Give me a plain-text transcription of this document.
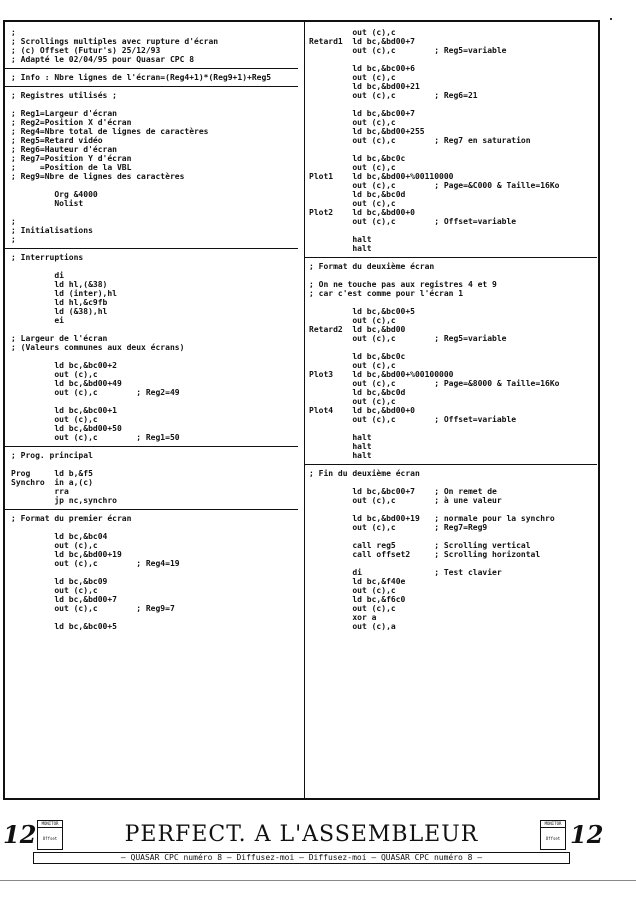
;
; Scrollings multiples avec rupture d'écran
; (c) Offset (Futur's) 25/12/93
; Adapté le 02/04/95 pour Quasar CPC 8
; Info : Nbre lignes de l'écran=(Reg4+1)*(Reg9+1)+Reg5
; Registres utilisés ;
; Reg1=Largeur d'écran
; Reg2=Position X d'écran
; Reg4=Nbre total de lignes de caractères
; Reg5=Retard vidéo
; Reg6=Hauteur d'écran
; Reg7=Position Y d'écran
;     =Position de la VBL
; Reg9=Nbre de lignes des caractères
Org &4000
Nolist
;
; Initialisations
;
; Interruptions
di
ld hl,(&38)
ld (inter),hl
ld hl,&c9fb
ld (&38),hl
ei
; Largeur de l'écran
; (Valeurs communes aux deux écrans)
ld bc,&bc00+2
out (c),c
ld bc,&bd00+49
out (c),c        ; Reg2=49
ld bc,&bc00+1
out (c),c
ld bc,&bd00+50
out (c),c        ; Reg1=50
; Prog. principal
Prog     ld b,&f5
Synchro  in a,(c)
rra
jp nc,synchro
; Format du premier écran
ld bc,&bc04
out (c),c
ld bc,&bd00+19
out (c),c        ; Reg4=19
ld bc,&bc09
out (c),c
ld bc,&bd00+7
out (c),c        ; Reg9=7
ld bc,&bc00+5
out (c),c
Retard1  ld bc,&bd00+7
out (c),c        ; Reg5=variable
ld bc,&bc00+6
out (c),c
ld bc,&bd00+21
out (c),c        ; Reg6=21
ld bc,&bc00+7
out (c),c
ld bc,&bd00+255
out (c),c        ; Reg7 en saturation
ld bc,&bc0c
out (c),c
Plot1    ld bc,&bd00+%00110000
out (c),c        ; Page=&C000 & Taille=16Ko
ld bc,&bc0d
out (c),c
Plot2    ld bc,&bd00+0
out (c),c        ; Offset=variable
halt
halt
; Format du deuxième écran
; On ne touche pas aux registres 4 et 9
; car c'est comme pour l'écran 1
ld bc,&bc00+5
out (c),c
Retard2  ld bc,&bd00
out (c),c        ; Reg5=variable
ld bc,&bc0c
out (c),c
Plot3    ld bc,&bd00+%00100000
out (c),c        ; Page=&8000 & Taille=16Ko
ld bc,&bc0d
out (c),c
Plot4    ld bc,&bd00+0
out (c),c        ; Offset=variable
halt
halt
halt
; Fin du deuxième écran
ld bc,&bc00+7    ; On remet de
out (c),c        ; à une valeur
ld bc,&bd00+19   ; normale pour la synchro
out (c),c        ; Reg7=Reg9
call reg5        ; Scrolling vertical
call offset2     ; Scrolling horizontal
di               ; Test clavier
ld bc,&f40e
out (c),c
ld bc,&f6c0
out (c),c
xor a
out (c),a
12	MONITOR
Offset	PERFECT. A L'ASSEMBLEUR	MONITOR
Offset 12
— QUASAR CPC numéro 8 — Diffusez-moi — Diffusez-moi — QUASAR CPC numéro 8 —
